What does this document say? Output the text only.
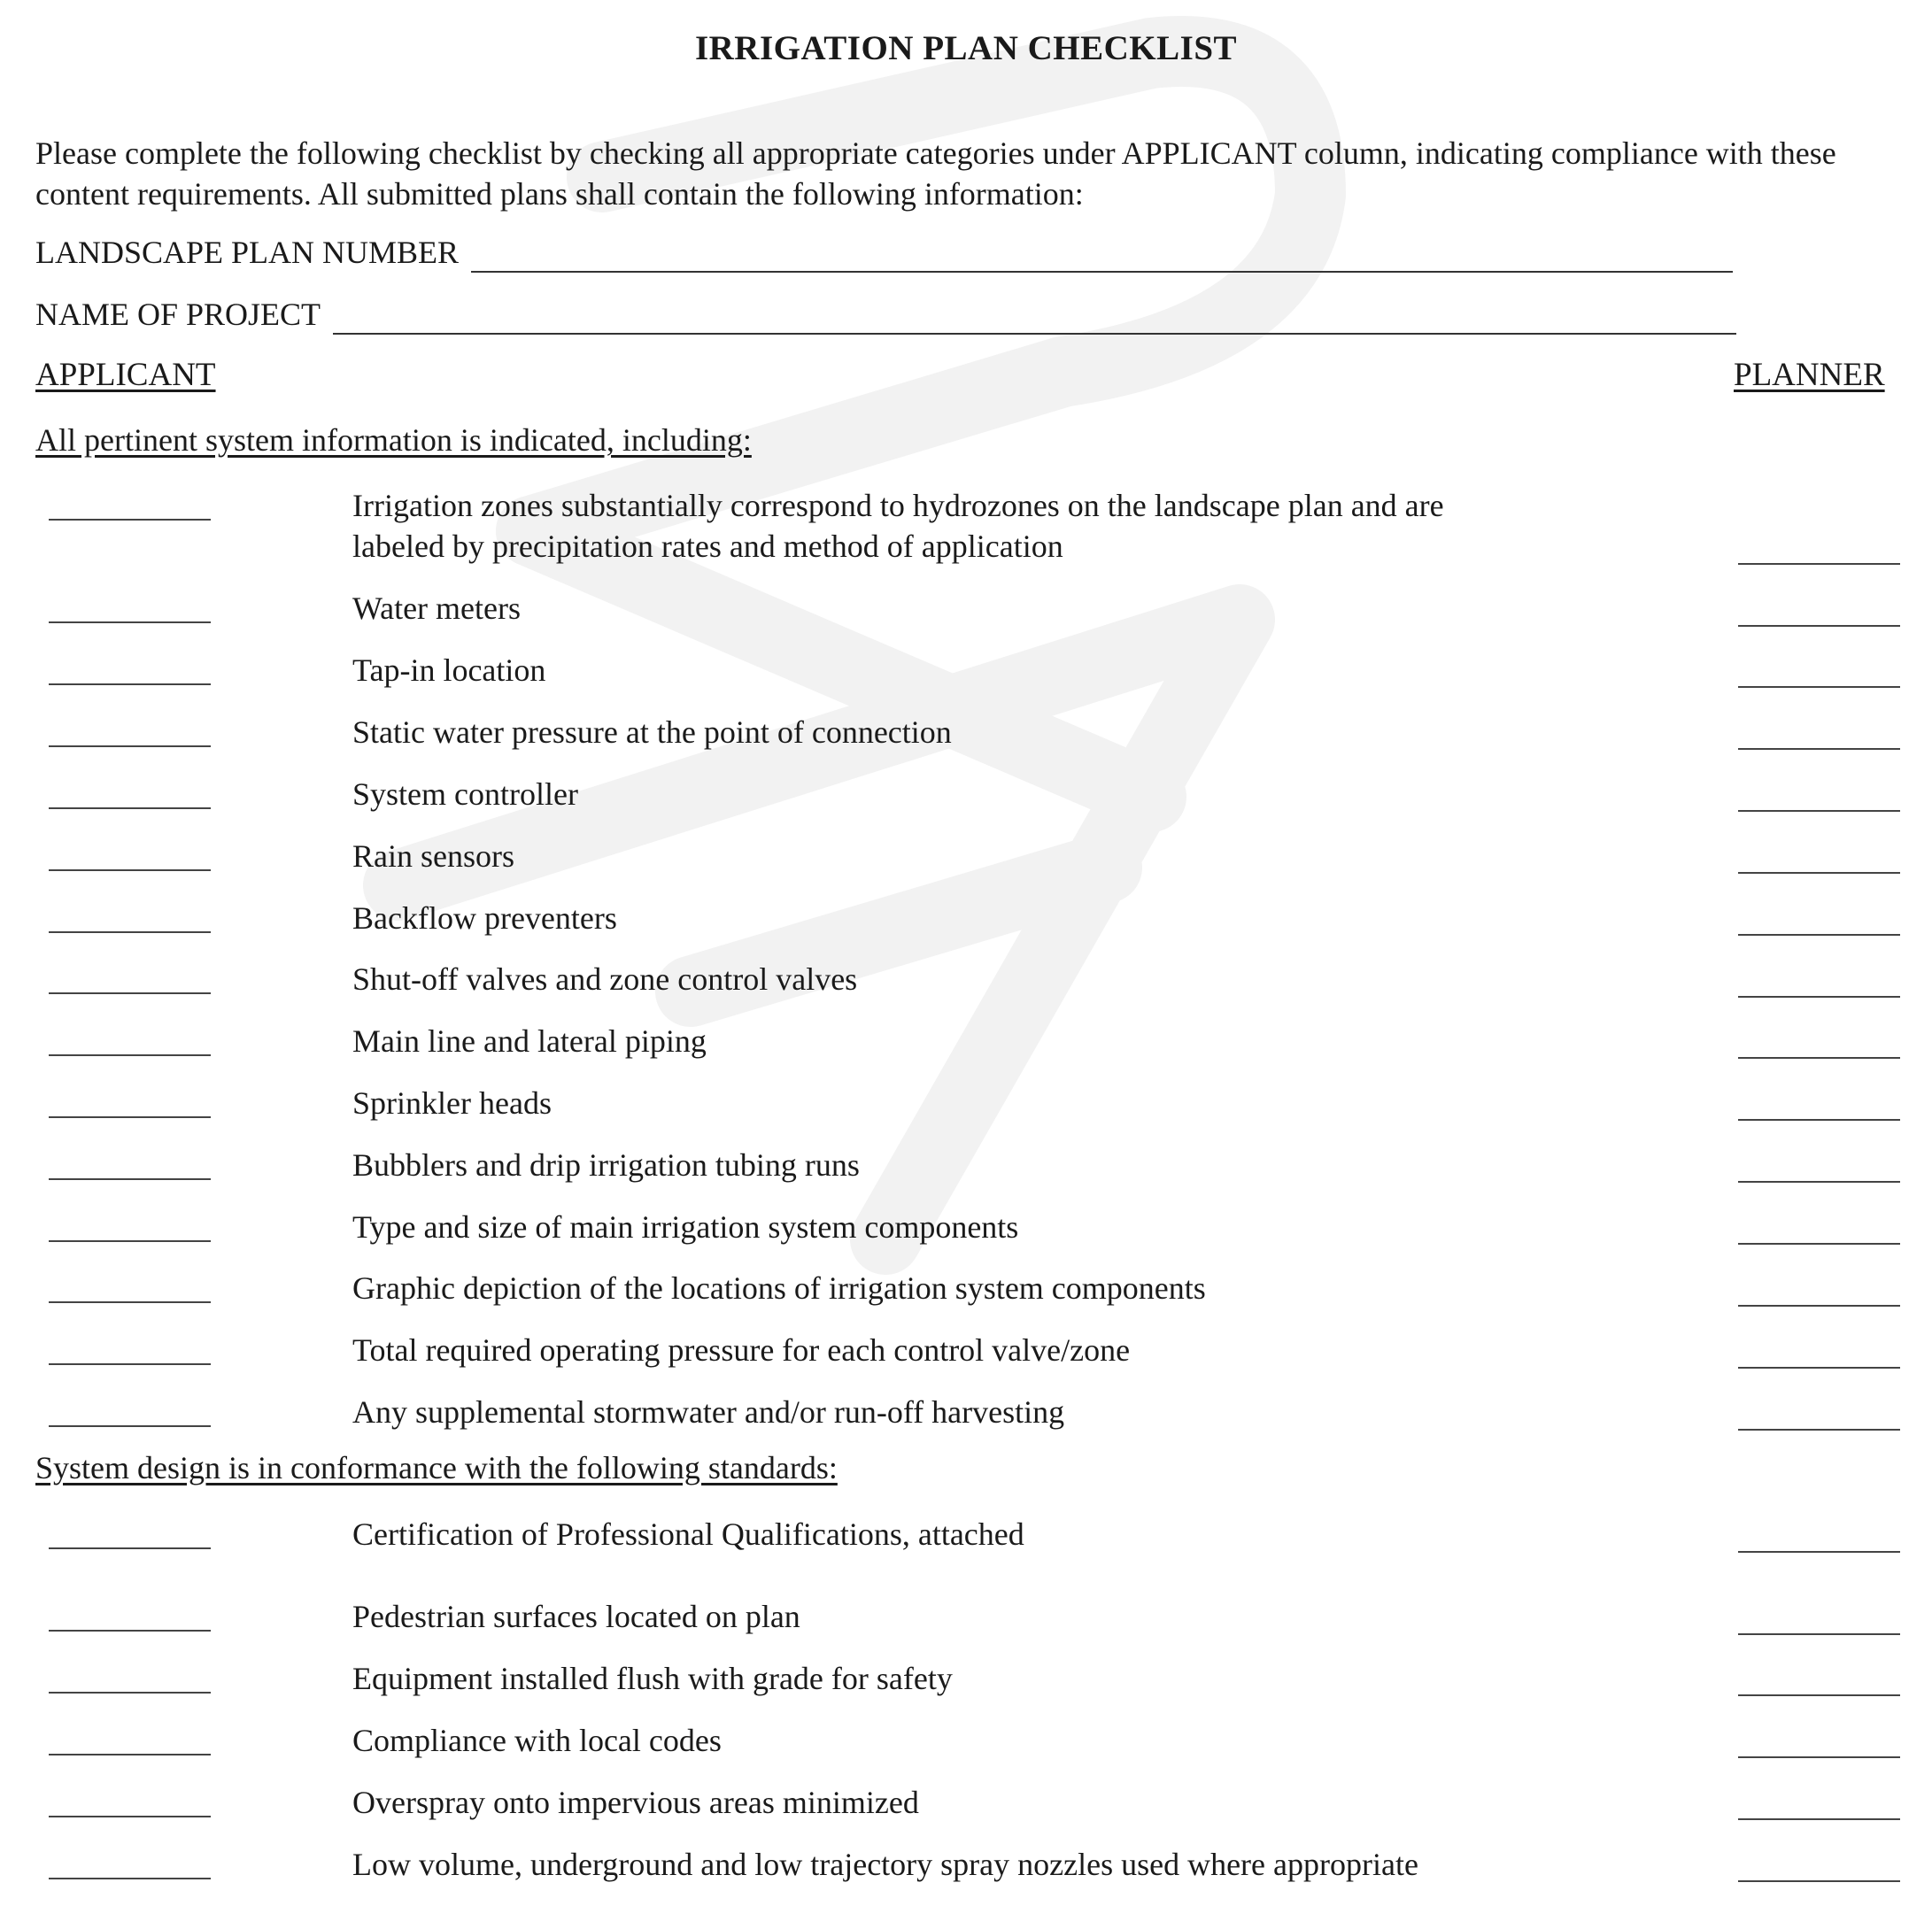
IRRIGATION PLAN CHECKLIST
Please complete the following checklist by checking all appropriate categories under APPLICANT column, indicating compliance with these content requirements. All submitted plans shall contain the following information:
LANDSCAPE PLAN NUMBER
NAME OF PROJECT
APPLICANT	PLANNER
All pertinent system information is indicated, including:
Irrigation zones substantially correspond to hydrozones on the landscape plan and are labeled by precipitation rates and method of application
Water meters
Tap-in location
Static water pressure at the point of connection
System controller
Rain sensors
Backflow preventers
Shut-off valves and zone control valves
Main line and lateral piping
Sprinkler heads
Bubblers and drip irrigation tubing runs
Type and size of main irrigation system components
Graphic depiction of the locations of irrigation system components
Total required operating pressure for each control valve/zone
Any supplemental stormwater and/or run-off harvesting
System design is in conformance with the following standards:
Certification of Professional Qualifications, attached
Pedestrian surfaces located on plan
Equipment installed flush with grade for safety
Compliance with local codes
Overspray onto impervious areas minimized
Low volume, underground and low trajectory spray nozzles used where appropriate
